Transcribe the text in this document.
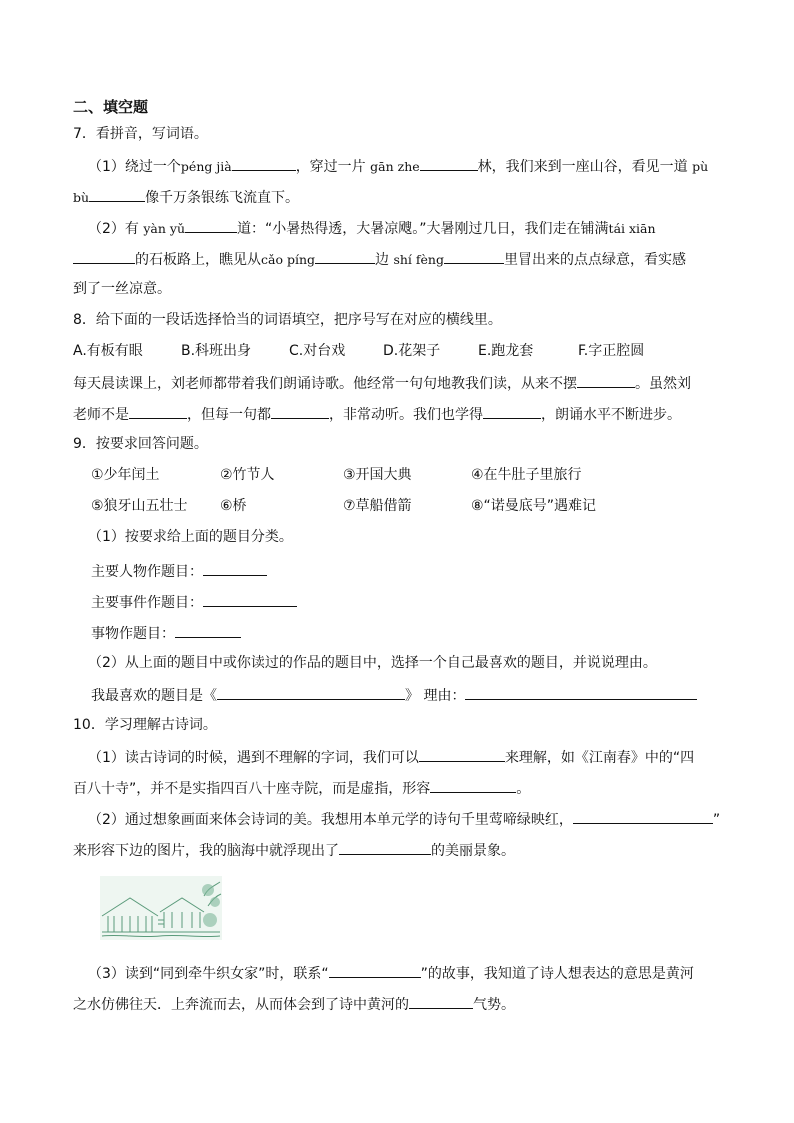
二、填空题
7．看拼音，写词语。
（1）绕过一个péng jià	，穿过一片 gān zhe	林，我们来到一座山谷，看见一道 pù
bù	像千万条银练飞流直下。
（2）有 yàn yǔ	道：“小暑热得透，大暑凉飕。”大暑刚过几日，我们走在铺满tái xiān
的石板路上，瞧见从cǎo píng	边 shí fèng	里冒出来的点点绿意，看实感
到了一丝凉意。
8．给下面的一段话选择恰当的词语填空，把序号写在对应的横线里。
A.有板有眼	B.科班出身	C.对台戏	D.花架子	E.跑龙套	F.字正腔圆
每天晨读课上，刘老师都带着我们朗诵诗歌。他经常一句句地教我们读，从来不摆	。虽然刘
老师不是	，但每一句都	，非常动听。我们也学得	，朗诵水平不断进步。
9．按要求回答问题。
①少年闰土	②竹节人	③开国大典	④在牛肚子里旅行
⑤狼牙山五壮士 ⑥桥	⑦草船借箭	⑧“诺曼底号”遇难记
（1）按要求给上面的题目分类。
主要人物作题目：
主要事件作题目：
事物作题目：
（2）从上面的题目中或你读过的作品的题目中，选择一个自己最喜欢的题目，并说说理由。
我最喜欢的题目是《	》 理由：
10．学习理解古诗词。
（1）读古诗词的时候，遇到不理解的字词，我们可以	来理解，如《江南春》中的“四
百八十寺”，并不是实指四百八十座寺院，而是虚指，形容	。
（2）通过想象画面来体会诗词的美。我想用本单元学的诗句千里莺啼绿映红，	”
来形容下边的图片，我的脑海中就浮现出了	的美丽景象。
（3）读到“同到牵牛织女家”时，联系“	”的故事，我知道了诗人想表达的意思是黄河
之水仿佛往天．上奔流而去，从而体会到了诗中黄河的	气势。
